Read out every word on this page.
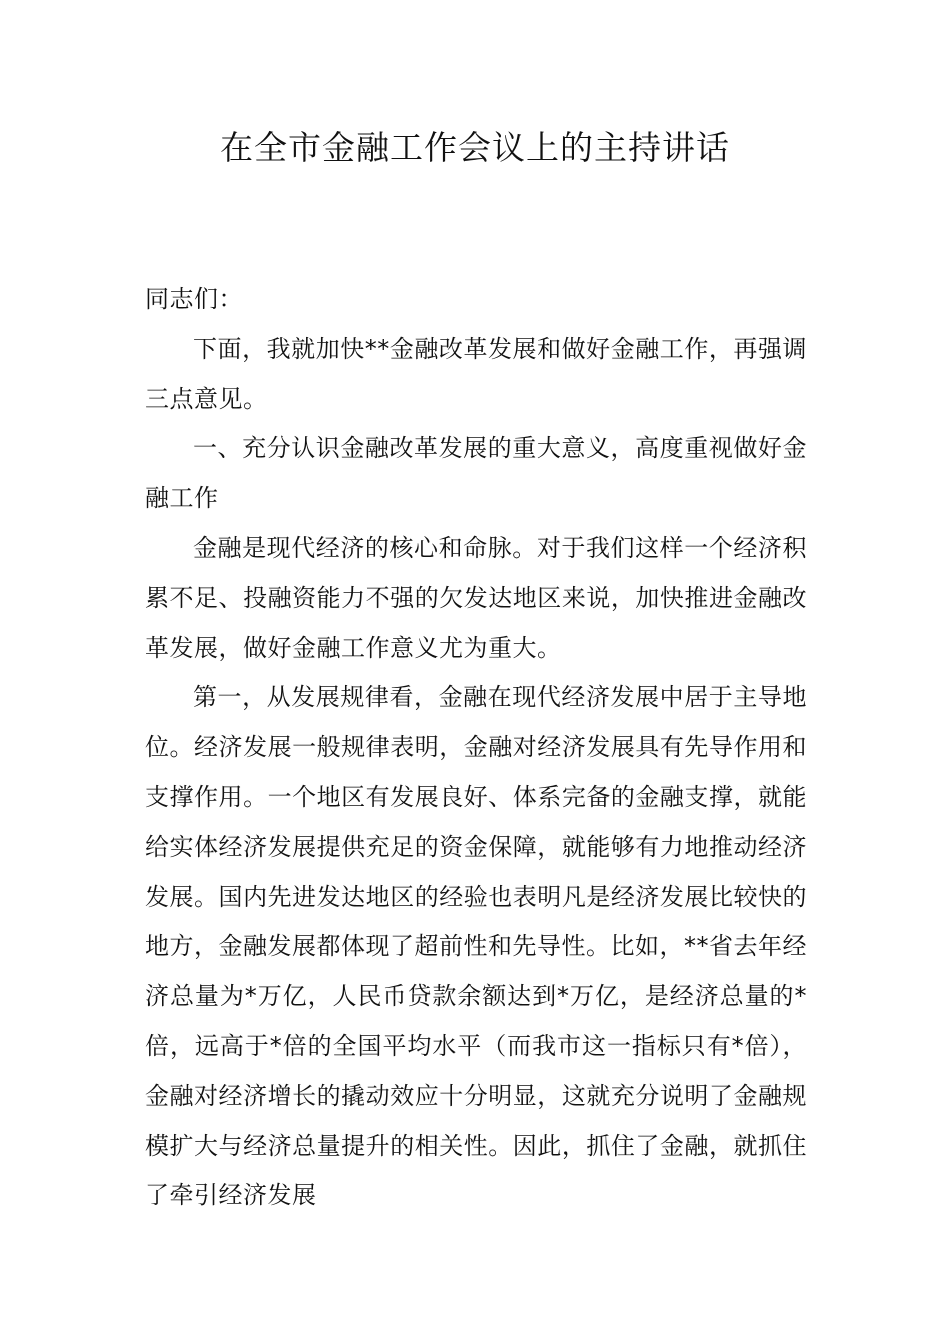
在全市金融工作会议上的主持讲话

同志们：

下面，我就加快**金融改革发展和做好金融工作，再强调三点意见。

一、充分认识金融改革发展的重大意义，高度重视做好金融工作

金融是现代经济的核心和命脉。对于我们这样一个经济积累不足、投融资能力不强的欠发达地区来说，加快推进金融改革发展，做好金融工作意义尤为重大。

第一，从发展规律看，金融在现代经济发展中居于主导地位。经济发展一般规律表明，金融对经济发展具有先导作用和支撑作用。一个地区有发展良好、体系完备的金融支撑，就能给实体经济发展提供充足的资金保障，就能够有力地推动经济发展。国内先进发达地区的经验也表明凡是经济发展比较快的地方，金融发展都体现了超前性和先导性。比如，**省去年经济总量为*万亿，人民币贷款余额达到*万亿，是经济总量的*倍，远高于*倍的全国平均水平（而我市这一指标只有*倍），金融对经济增长的撬动效应十分明显，这就充分说明了金融规模扩大与经济总量提升的相关性。因此，抓住了金融，就抓住了牵引经济发展
